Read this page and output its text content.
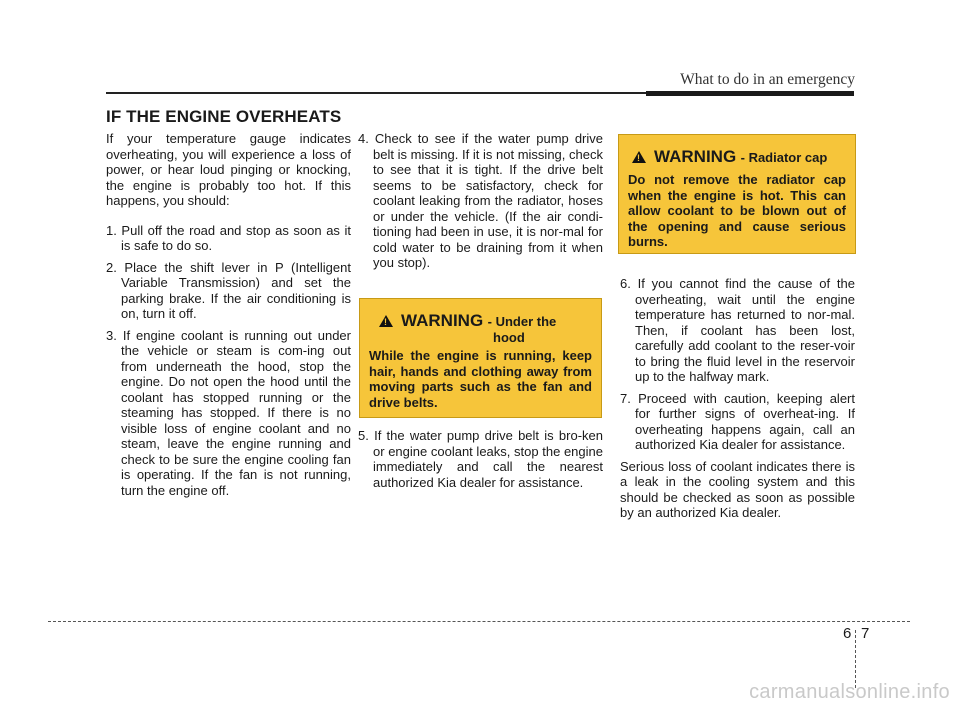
What to do in an emergency
IF THE ENGINE OVERHEATS

If your temperature gauge indicates overheating, you will experience a loss of power, or hear loud pinging or knocking, the engine is probably too hot. If this happens, you should:

1. Pull off the road and stop as soon as it is safe to do so.

2. Place the shift lever in P (Intelligent Variable Transmission) and set the parking brake. If the air conditioning is on, turn it off.

3. If engine coolant is running out under the vehicle or steam is com-ing out from underneath the hood, stop the engine. Do not open the hood until the coolant has stopped running or the steaming has stopped. If there is no visible loss of engine coolant and no steam, leave the engine running and check to be sure the engine cooling fan is operating. If the fan is not running, turn the engine off.

4. Check to see if the water pump drive belt is missing. If it is not missing, check to see that it is tight. If the drive belt seems to be satisfactory, check for coolant leaking from the radiator, hoses or under the vehicle. (If the air condi-tioning had been in use, it is nor-mal for cold water to be draining from it when you stop).

! WARNING - Under the
hood

While the engine is running, keep hair, hands and clothing away from moving parts such as the fan and drive belts.

5. If the water pump drive belt is bro-ken or engine coolant leaks, stop the engine immediately and call the nearest authorized Kia dealer for assistance.

! WARNING - Radiator cap

Do not remove the radiator cap when the engine is hot. This can allow coolant to be blown out of the opening and cause serious burns.

6. If you cannot find the cause of the overheating, wait until the engine temperature has returned to nor-mal. Then, if coolant has been lost, carefully add coolant to the reser-voir to bring the fluid level in the reservoir up to the halfway mark.

7. Proceed with caution, keeping alert for further signs of overheat-ing. If overheating happens again, call an authorized Kia dealer for assistance.

Serious loss of coolant indicates there is a leak in the cooling system and this should be checked as soon as possible by an authorized Kia dealer.

6 7
carmanualsonline.info
